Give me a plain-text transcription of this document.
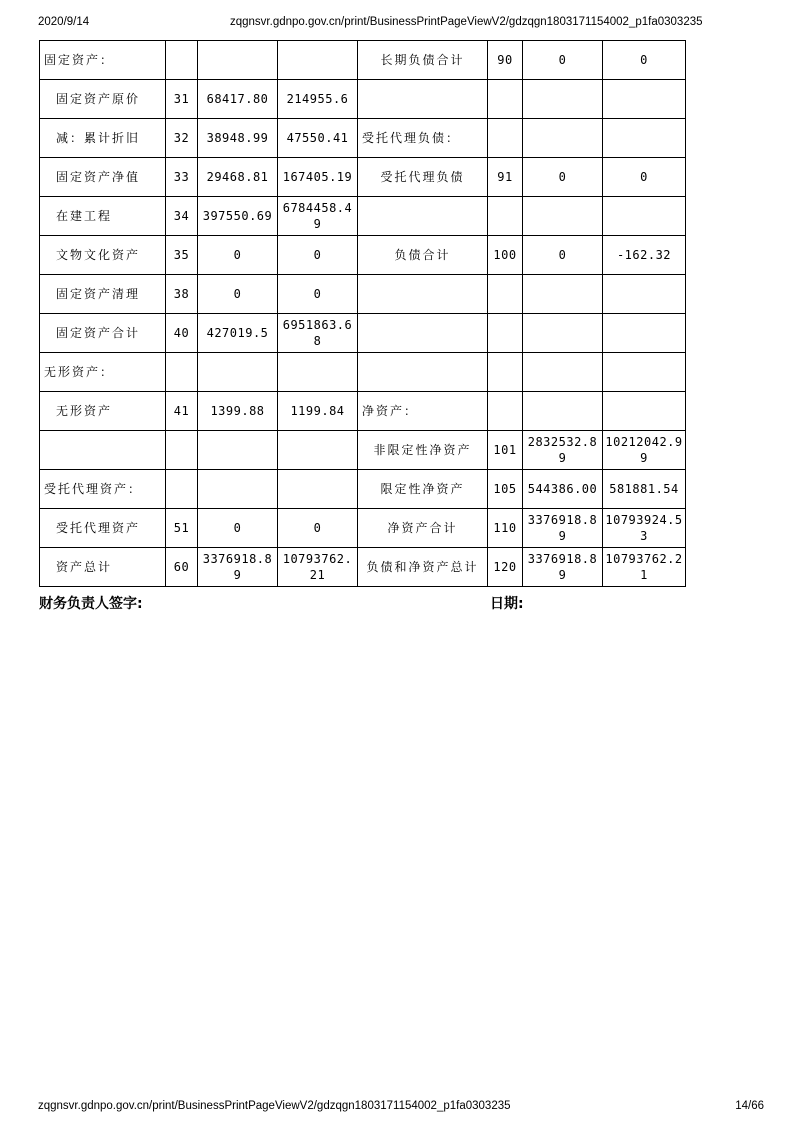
2020/9/14	zqgnsvr.gdnpo.gov.cn/print/BusinessPrintPageViewV2/gdzqgn1803171154002_p1fa0303235
固定资产：				长期负债合计	90	0	0
固定资产原价	31	68417.80	214955.6				
减：累计折旧	32	38948.99	47550.41	受托代理负债：			
固定资产净值	33	29468.81	167405.19	受托代理负债	91	0	0
在建工程	34	397550.69	6784458.49				
文物文化资产	35	0	0	负债合计	100	0	-162.32
固定资产清理	38	0	0				
固定资产合计	40	427019.5	6951863.68				
无形资产：							
无形资产	41	1399.88	1199.84	净资产：			
				非限定性净资产	101	2832532.89	10212042.99
受托代理资产：				限定性净资产	105	544386.00	581881.54
受托代理资产	51	0	0	净资产合计	110	3376918.89	10793924.53
资产总计	60	3376918.89	10793762.21	负债和净资产总计	120	3376918.89	10793762.21
财务负责人签字:	日期:
zqgnsvr.gdnpo.gov.cn/print/BusinessPrintPageViewV2/gdzqgn1803171154002_p1fa0303235	14/66
